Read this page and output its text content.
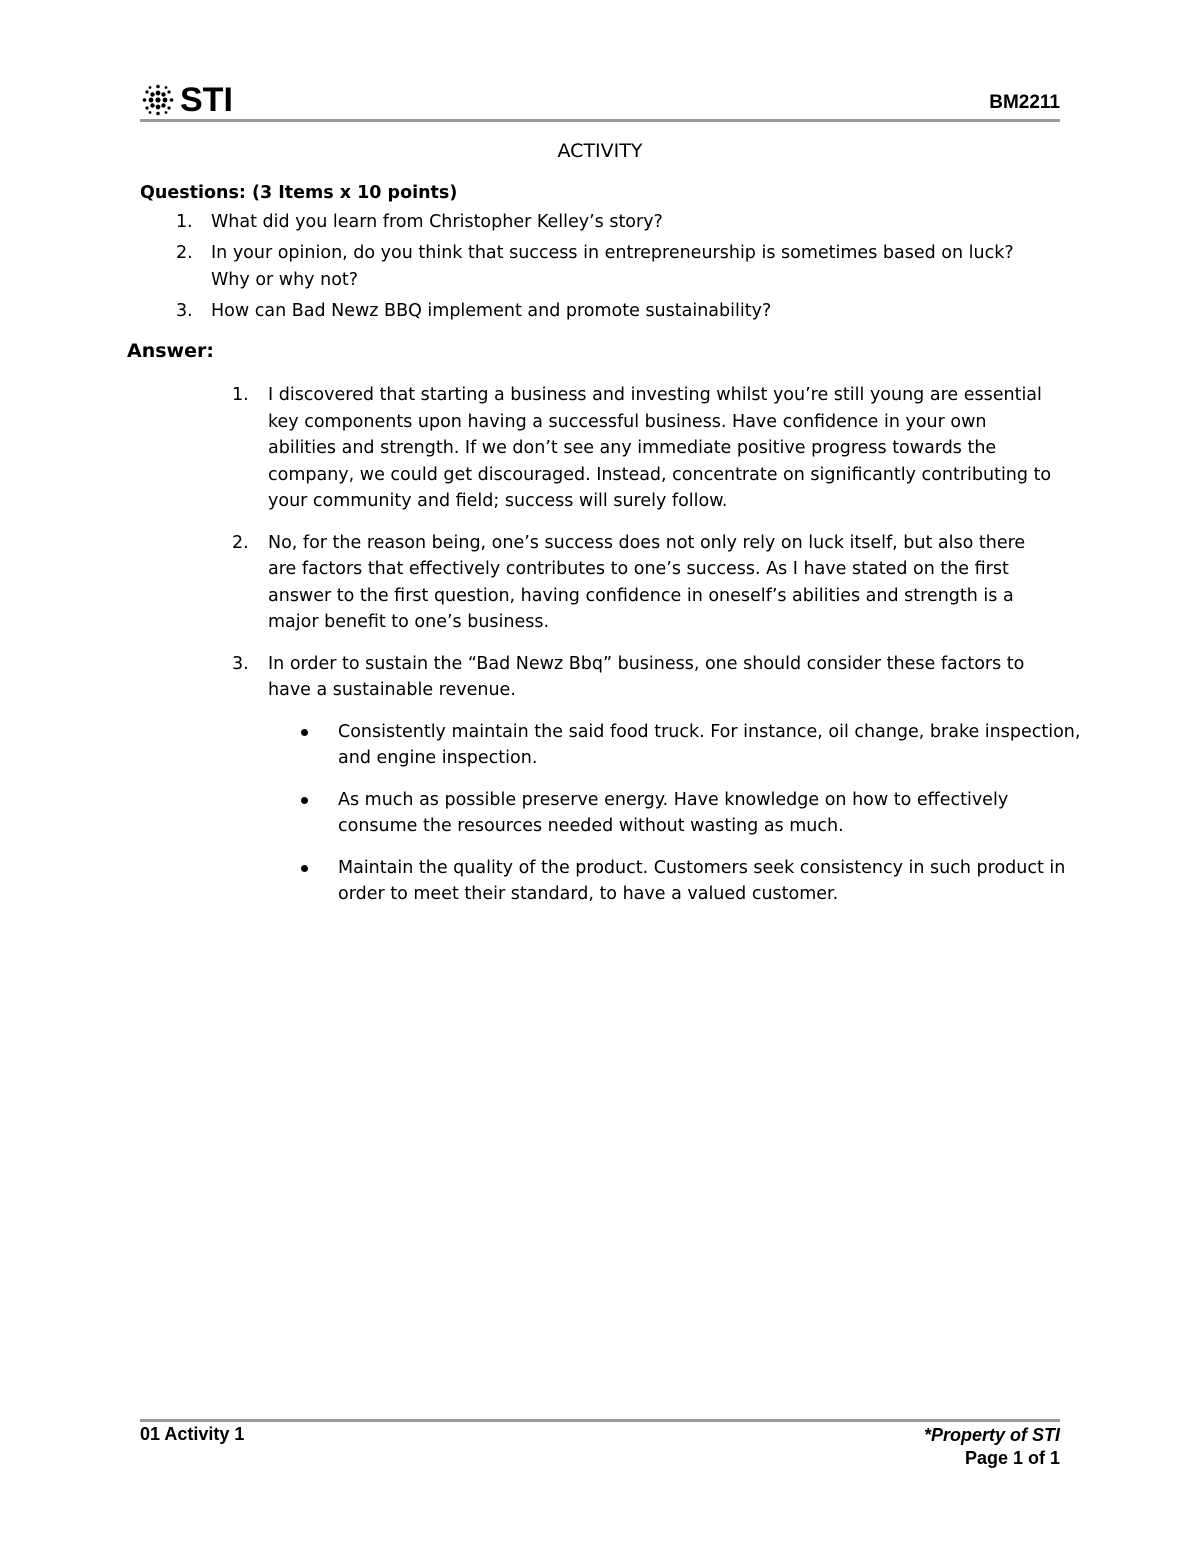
STI	BM2211
ACTIVITY
Questions: (3 Items x 10 points)
1. What did you learn from Christopher Kelley’s story?
2. In your opinion, do you think that success in entrepreneurship is sometimes based on luck? Why or why not?
3. How can Bad Newz BBQ implement and promote sustainability?
Answer:
1. I discovered that starting a business and investing whilst you’re still young are essential key components upon having a successful business. Have confidence in your own abilities and strength. If we don’t see any immediate positive progress towards the company, we could get discouraged. Instead, concentrate on significantly contributing to your community and field; success will surely follow.
2. No, for the reason being, one’s success does not only rely on luck itself, but also there are factors that effectively contributes to one’s success. As I have stated on the first answer to the first question, having confidence in oneself’s abilities and strength is a major benefit to one’s business.
3. In order to sustain the “Bad Newz Bbq” business, one should consider these factors to have a sustainable revenue.
Consistently maintain the said food truck. For instance, oil change, brake inspection, and engine inspection.
As much as possible preserve energy. Have knowledge on how to effectively consume the resources needed without wasting as much.
Maintain the quality of the product. Customers seek consistency in such product in order to meet their standard, to have a valued customer.
01 Activity 1	*Property of STI
Page 1 of 1
